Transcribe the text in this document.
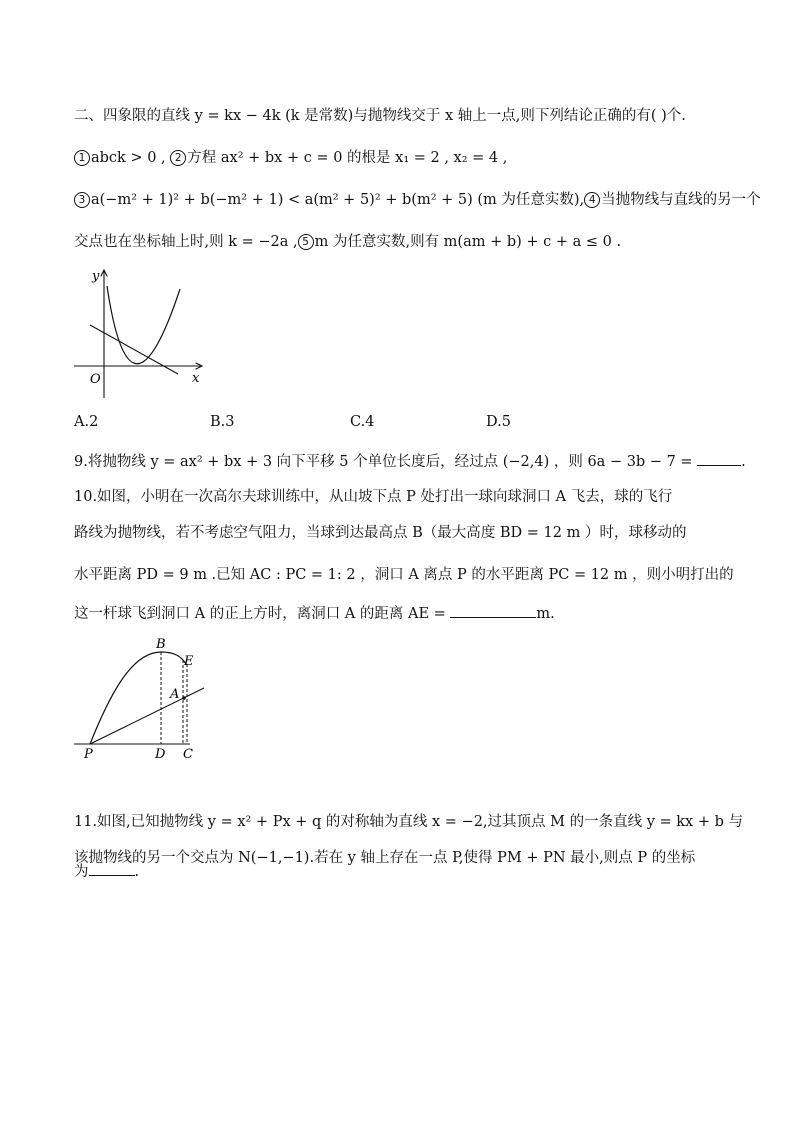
二、四象限的直线 y = kx − 4k (k 是常数)与抛物线交于 x 轴上一点,则下列结论正确的有( )个.
1 abck > 0 , 2 方程 ax² + bx + c = 0 的根是 x₁ = 2 , x₂ = 4 ,
3 a(−m² + 1)² + b(−m² + 1) < a(m² + 5)² + b(m² + 5) (m 为任意实数), 4 当抛物线与直线的另一个
交点也在坐标轴上时,则 k = −2a , 5 m 为任意实数,则有 m(am + b) + c + a ≤ 0 .
y
O	x
A.2	B.3	C.4	D.5
9.将抛物线 y = ax² + bx + 3 向下平移 5 个单位长度后，经过点 (−2,4) ，则 6a − 3b − 7 =	.
10.如图，小明在一次高尔夫球训练中，从山坡下点 P 处打出一球向球洞口 A 飞去，球的飞行
路线为抛物线，若不考虑空气阻力，当球到达最高点 B（最大高度 BD = 12 m ）时，球移动的
水平距离 PD = 9 m .已知 AC : PC = 1: 2 ，洞口 A 离点 P 的水平距离 PC = 12 m ，则小明打出的
这一杆球飞到洞口 A 的正上方时，离洞口 A 的距离 AE =	m.
B
E
A
P	D C
11.如图,已知抛物线 y = x² + Px + q 的对称轴为直线 x = −2,过其顶点 M 的一条直线 y = kx + b 与
该抛物线的另一个交点为 N(−1,−1).若在 y 轴上存在一点 P,使得 PM + PN 最小,则点 P 的坐标
为	.
